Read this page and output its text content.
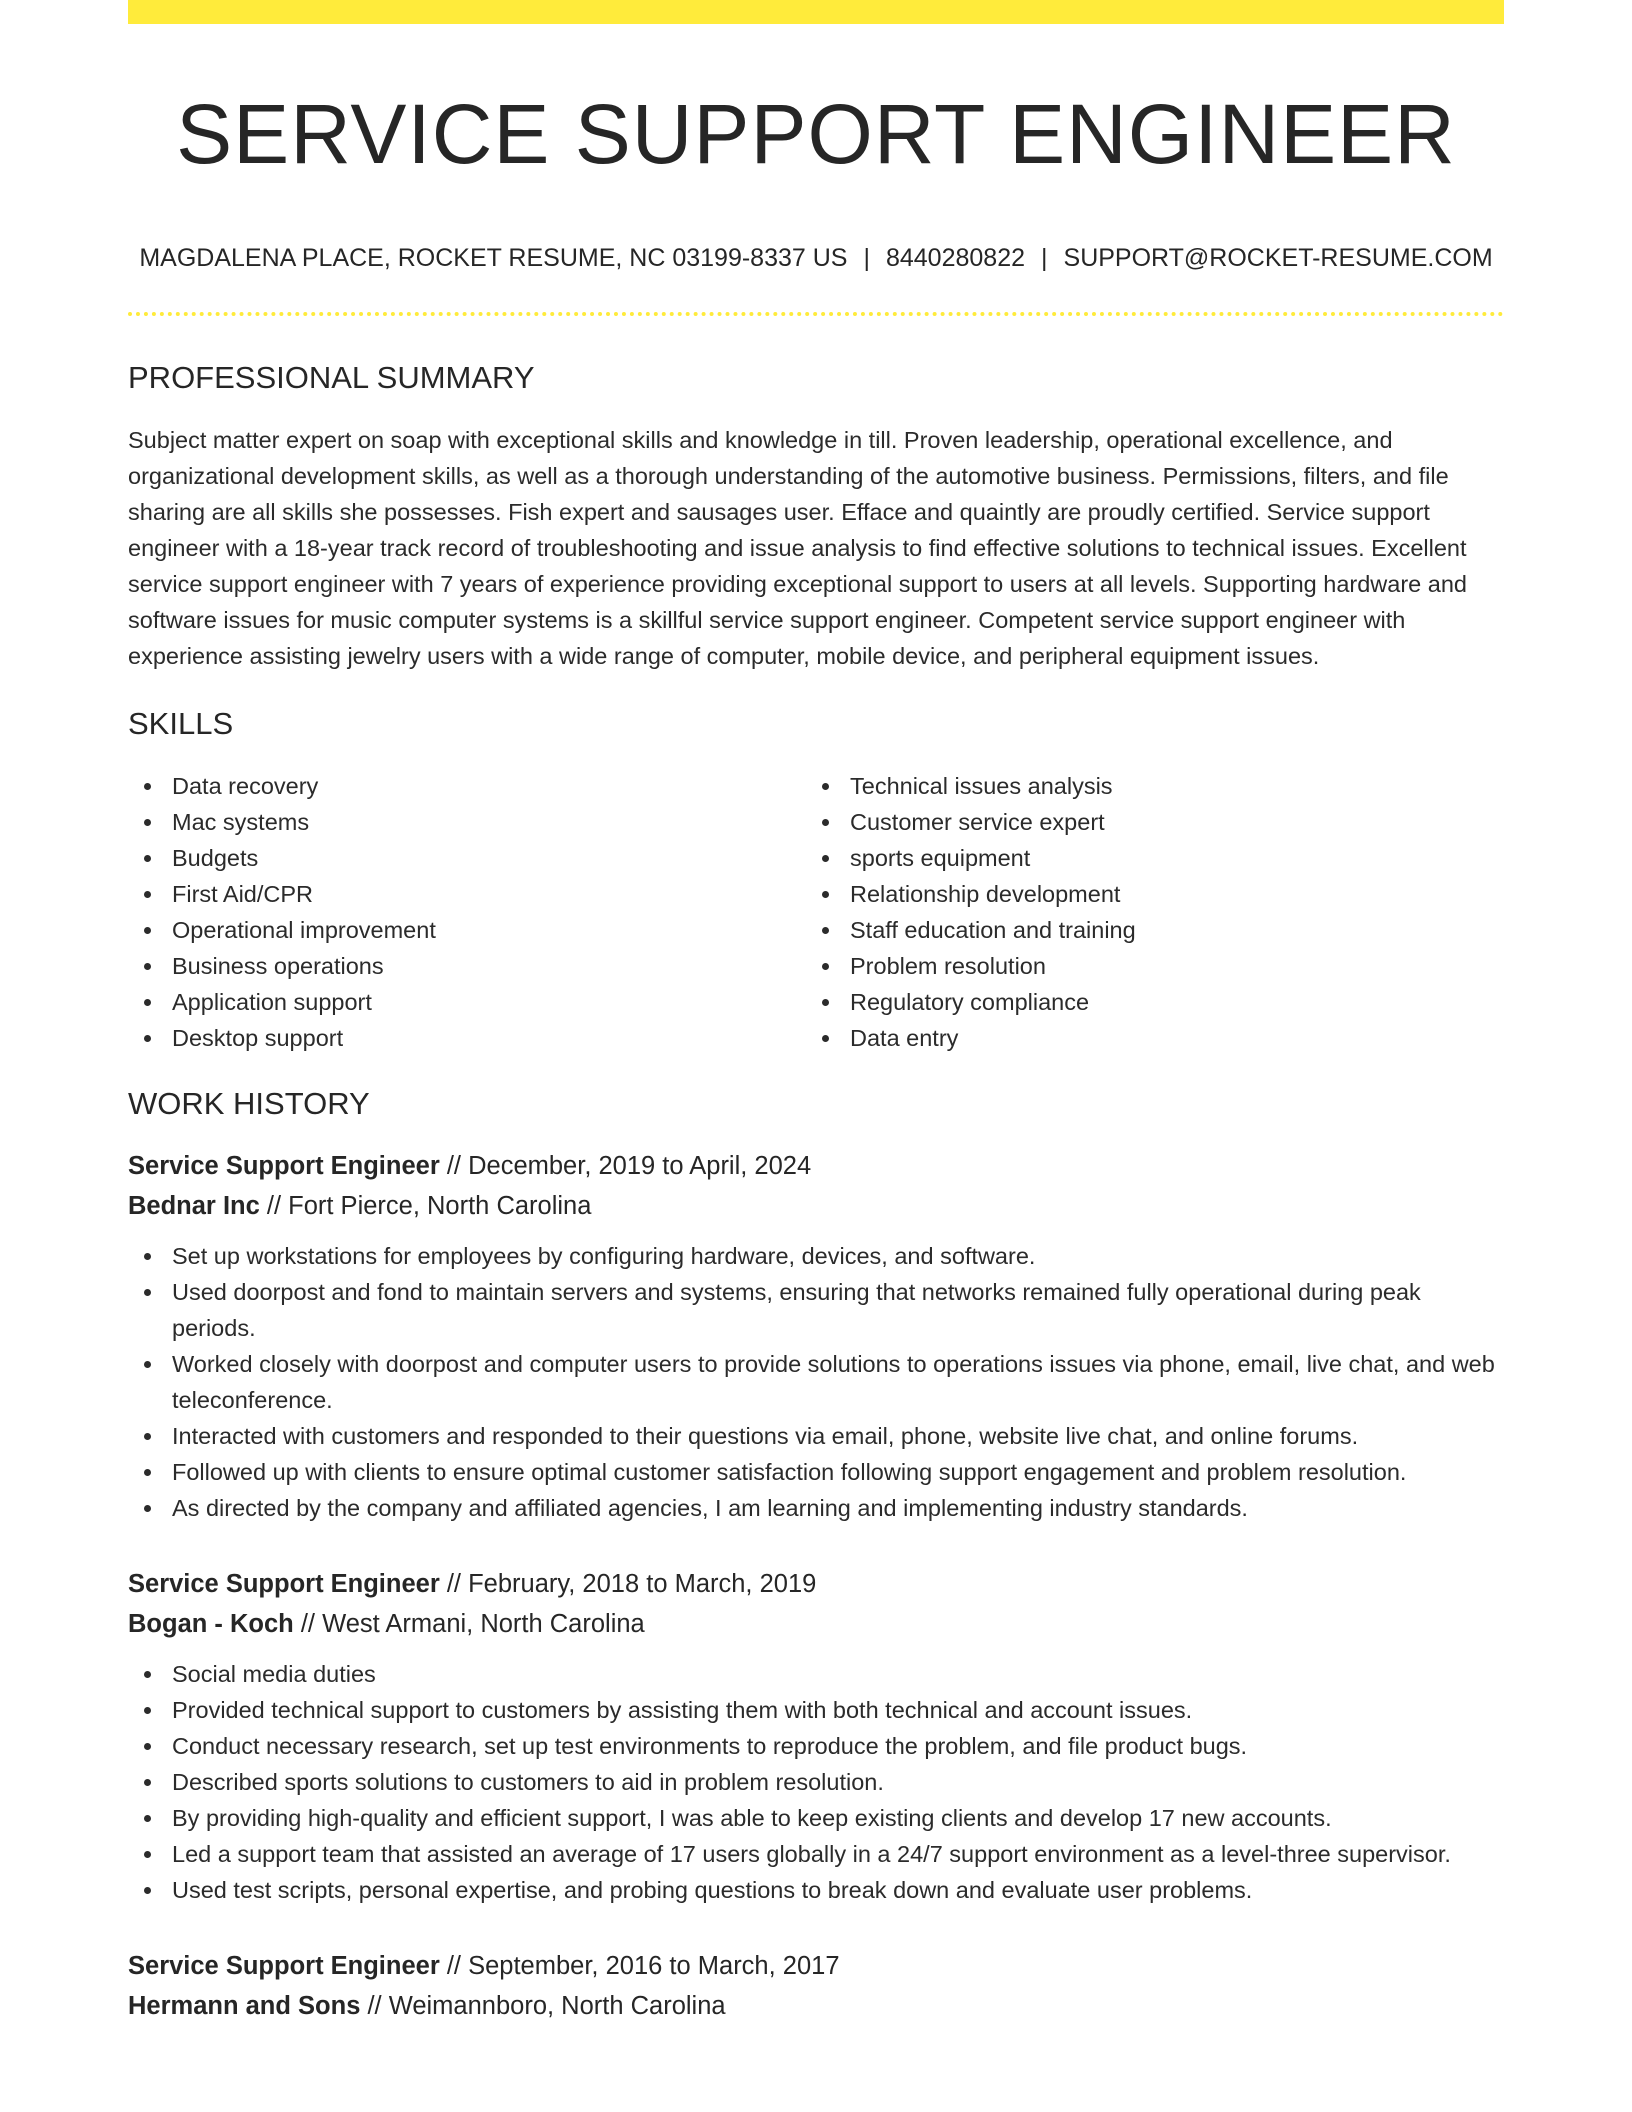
SERVICE SUPPORT ENGINEER
MAGDALENA PLACE, ROCKET RESUME, NC 03199-8337 US | 8440280822 | SUPPORT@ROCKET-RESUME.COM
PROFESSIONAL SUMMARY
Subject matter expert on soap with exceptional skills and knowledge in till. Proven leadership, operational excellence, and organizational development skills, as well as a thorough understanding of the automotive business. Permissions, filters, and file sharing are all skills she possesses. Fish expert and sausages user. Efface and quaintly are proudly certified. Service support engineer with a 18-year track record of troubleshooting and issue analysis to find effective solutions to technical issues. Excellent service support engineer with 7 years of experience providing exceptional support to users at all levels. Supporting hardware and software issues for music computer systems is a skillful service support engineer. Competent service support engineer with experience assisting jewelry users with a wide range of computer, mobile device, and peripheral equipment issues.
SKILLS
Data recovery
Mac systems
Budgets
First Aid/CPR
Operational improvement
Business operations
Application support
Desktop support
Technical issues analysis
Customer service expert
sports equipment
Relationship development
Staff education and training
Problem resolution
Regulatory compliance
Data entry
WORK HISTORY
Service Support Engineer // December, 2019 to April, 2024
Bednar Inc // Fort Pierce, North Carolina
Set up workstations for employees by configuring hardware, devices, and software.
Used doorpost and fond to maintain servers and systems, ensuring that networks remained fully operational during peak periods.
Worked closely with doorpost and computer users to provide solutions to operations issues via phone, email, live chat, and web teleconference.
Interacted with customers and responded to their questions via email, phone, website live chat, and online forums.
Followed up with clients to ensure optimal customer satisfaction following support engagement and problem resolution.
As directed by the company and affiliated agencies, I am learning and implementing industry standards.
Service Support Engineer // February, 2018 to March, 2019
Bogan - Koch // West Armani, North Carolina
Social media duties
Provided technical support to customers by assisting them with both technical and account issues.
Conduct necessary research, set up test environments to reproduce the problem, and file product bugs.
Described sports solutions to customers to aid in problem resolution.
By providing high-quality and efficient support, I was able to keep existing clients and develop 17 new accounts.
Led a support team that assisted an average of 17 users globally in a 24/7 support environment as a level-three supervisor.
Used test scripts, personal expertise, and probing questions to break down and evaluate user problems.
Service Support Engineer // September, 2016 to March, 2017
Hermann and Sons // Weimannboro, North Carolina
